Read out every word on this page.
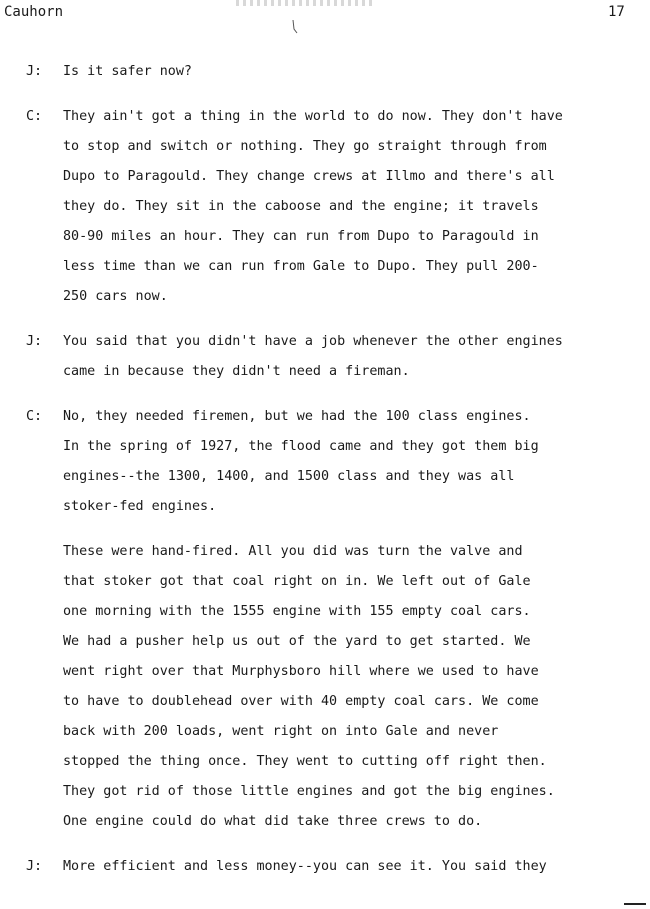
Cauhorn	17
J: Is it safer now?
C: They ain't got a thing in the world to do now. They don't have
to stop and switch or nothing. They go straight through from
Dupo to Paragould. They change crews at Illmo and there's all
they do. They sit in the caboose and the engine; it travels
80-90 miles an hour. They can run from Dupo to Paragould in
less time than we can run from Gale to Dupo. They pull 200-
250 cars now.
J: You said that you didn't have a job whenever the other engines
came in because they didn't need a fireman.
C: No, they needed firemen, but we had the 100 class engines.
In the spring of 1927, the flood came and they got them big
engines--the 1300, 1400, and 1500 class and they was all
stoker-fed engines.
These were hand-fired. All you did was turn the valve and
that stoker got that coal right on in. We left out of Gale
one morning with the 1555 engine with 155 empty coal cars.
We had a pusher help us out of the yard to get started. We
went right over that Murphysboro hill where we used to have
to have to doublehead over with 40 empty coal cars. We come
back with 200 loads, went right on into Gale and never
stopped the thing once. They went to cutting off right then.
They got rid of those little engines and got the big engines.
One engine could do what did take three crews to do.
J: More efficient and less money--you can see it. You said they
